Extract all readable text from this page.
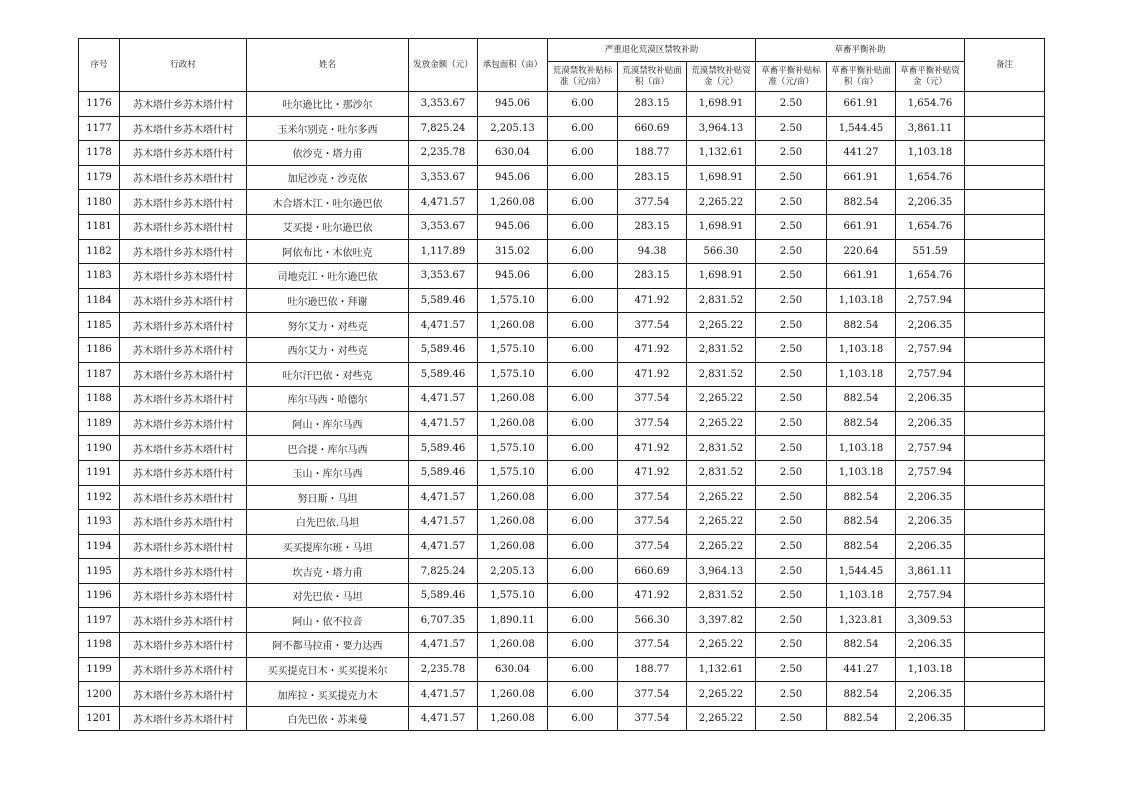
序号	行政村	姓名	发放金额（元）	承包面积（亩）	严重退化荒漠区禁牧补助			草畜平衡补助			备注
					荒漠禁牧补贴标准（元/亩）	荒漠禁牧补贴面积（亩）	荒漠禁牧补贴资金（元）	草畜平衡补贴标准（元/亩）	草畜平衡补贴面积（亩）	草畜平衡补贴资金（元）	
1176	苏木塔什乡苏木塔什村	吐尔逊比比・那沙尔	3,353.67	945.06	6.00	283.15	1,698.91	2.50	661.91	1,654.76	
1177	苏木塔什乡苏木塔什村	玉米尔别克・吐尔多西	7,825.24	2,205.13	6.00	660.69	3,964.13	2.50	1,544.45	3,861.11	
1178	苏木塔什乡苏木塔什村	依沙克・塔力甫	2,235.78	630.04	6.00	188.77	1,132.61	2.50	441.27	1,103.18	
1179	苏木塔什乡苏木塔什村	加尼沙克・沙克依	3,353.67	945.06	6.00	283.15	1,698.91	2.50	661.91	1,654.76	
1180	苏木塔什乡苏木塔什村	木合塔木江・吐尔逊巴依	4,471.57	1,260.08	6.00	377.54	2,265.22	2.50	882.54	2,206.35	
1181	苏木塔什乡苏木塔什村	艾买提・吐尔逊巴依	3,353.67	945.06	6.00	283.15	1,698.91	2.50	661.91	1,654.76	
1182	苏木塔什乡苏木塔什村	阿依布比・木依吐克	1,117.89	315.02	6.00	94.38	566.30	2.50	220.64	551.59	
1183	苏木塔什乡苏木塔什村	司地克江・吐尔逊巴依	3,353.67	945.06	6.00	283.15	1,698.91	2.50	661.91	1,654.76	
1184	苏木塔什乡苏木塔什村	吐尔逊巴依・拜谢	5,589.46	1,575.10	6.00	471.92	2,831.52	2.50	1,103.18	2,757.94	
1185	苏木塔什乡苏木塔什村	努尔艾力・对些克	4,471.57	1,260.08	6.00	377.54	2,265.22	2.50	882.54	2,206.35	
1186	苏木塔什乡苏木塔什村	西尔艾力・对些克	5,589.46	1,575.10	6.00	471.92	2,831.52	2.50	1,103.18	2,757.94	
1187	苏木塔什乡苏木塔什村	吐尔汗巴依・对些克	5,589.46	1,575.10	6.00	471.92	2,831.52	2.50	1,103.18	2,757.94	
1188	苏木塔什乡苏木塔什村	库尔马西・哈德尔	4,471.57	1,260.08	6.00	377.54	2,265.22	2.50	882.54	2,206.35	
1189	苏木塔什乡苏木塔什村	阿山・库尔马西	4,471.57	1,260.08	6.00	377.54	2,265.22	2.50	882.54	2,206.35	
1190	苏木塔什乡苏木塔什村	巴合提・库尔马西	5,589.46	1,575.10	6.00	471.92	2,831.52	2.50	1,103.18	2,757.94	
1191	苏木塔什乡苏木塔什村	玉山・库尔马西	5,589.46	1,575.10	6.00	471.92	2,831.52	2.50	1,103.18	2,757.94	
1192	苏木塔什乡苏木塔什村	努日斯・马坦	4,471.57	1,260.08	6.00	377.54	2,265.22	2.50	882.54	2,206.35	
1193	苏木塔什乡苏木塔什村	白先巴依.马坦	4,471.57	1,260.08	6.00	377.54	2,265.22	2.50	882.54	2,206.35	
1194	苏木塔什乡苏木塔什村	买买提库尔班・马坦	4,471.57	1,260.08	6.00	377.54	2,265.22	2.50	882.54	2,206.35	
1195	苏木塔什乡苏木塔什村	坎吉克・塔力甫	7,825.24	2,205.13	6.00	660.69	3,964.13	2.50	1,544.45	3,861.11	
1196	苏木塔什乡苏木塔什村	对先巴依・马坦	5,589.46	1,575.10	6.00	471.92	2,831.52	2.50	1,103.18	2,757.94	
1197	苏木塔什乡苏木塔什村	阿山・依不拉音	6,707.35	1,890.11	6.00	566.30	3,397.82	2.50	1,323.81	3,309.53	
1198	苏木塔什乡苏木塔什村	阿不都马拉甫・要力达西	4,471.57	1,260.08	6.00	377.54	2,265.22	2.50	882.54	2,206.35	
1199	苏木塔什乡苏木塔什村	买买提克日木・买买提米尔	2,235.78	630.04	6.00	188.77	1,132.61	2.50	441.27	1,103.18	
1200	苏木塔什乡苏木塔什村	加库拉・买买提克力木	4,471.57	1,260.08	6.00	377.54	2,265.22	2.50	882.54	2,206.35	
1201	苏木塔什乡苏木塔什村	白先巴依・苏来曼	4,471.57	1,260.08	6.00	377.54	2,265.22	2.50	882.54	2,206.35	
